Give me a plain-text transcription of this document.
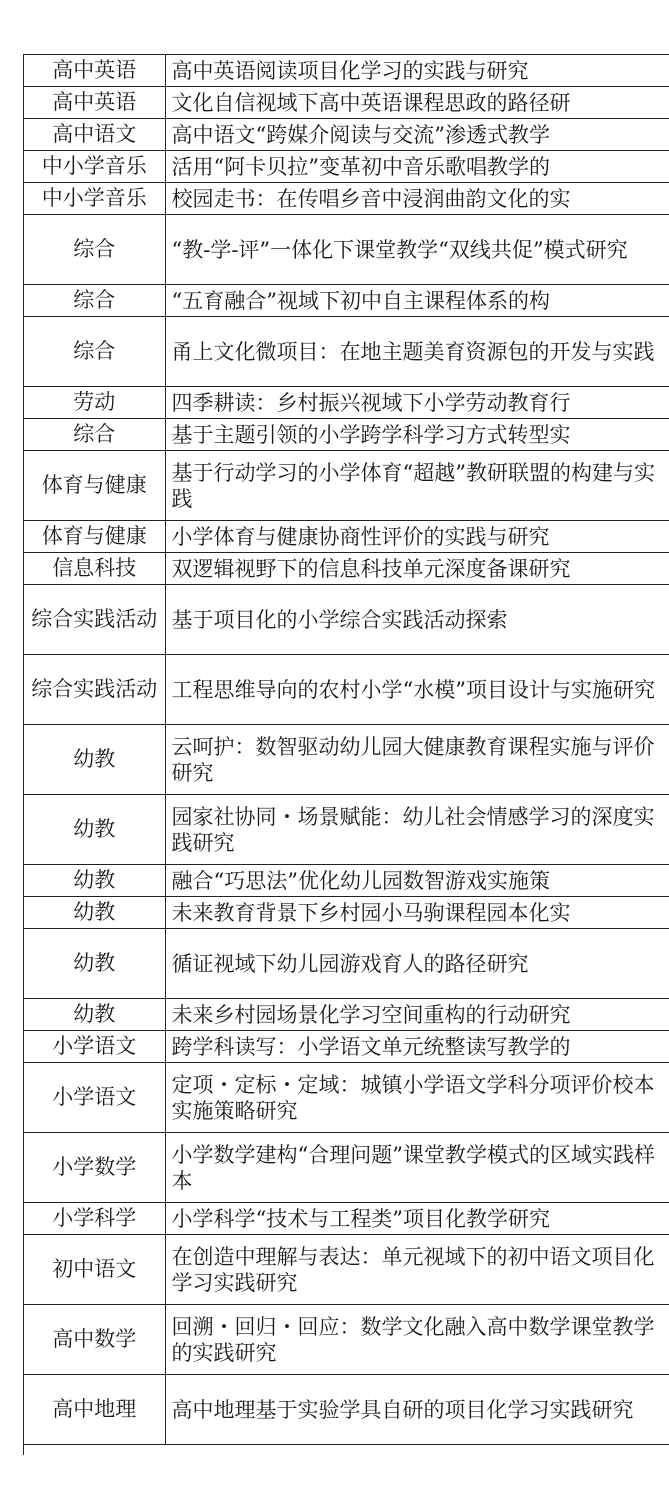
高中英语	高中英语阅读项目化学习的实践与研究
高中英语	文化自信视域下高中英语课程思政的路径研
高中语文	高中语文“跨媒介阅读与交流”渗透式教学
中小学音乐	活用“阿卡贝拉”变革初中音乐歌唱教学的
中小学音乐	校园走书：在传唱乡音中浸润曲韵文化的实
综合	“教-学-评”一体化下课堂教学“双线共促”模式研究
综合	“五育融合”视域下初中自主课程体系的构
综合	甬上文化微项目：在地主题美育资源包的开发与实践
劳动	四季耕读：乡村振兴视域下小学劳动教育行
综合	基于主题引领的小学跨学科学习方式转型实
体育与健康	基于行动学习的小学体育“超越”教研联盟的构建与实践
体育与健康	小学体育与健康协商性评价的实践与研究
信息科技	双逻辑视野下的信息科技单元深度备课研究
综合实践活动	基于项目化的小学综合实践活动探索
综合实践活动	工程思维导向的农村小学“水模”项目设计与实施研究
幼教	云呵护：数智驱动幼儿园大健康教育课程实施与评价研究
幼教	园家社协同・场景赋能：幼儿社会情感学习的深度实践研究
幼教	融合“巧思法”优化幼儿园数智游戏实施策
幼教	未来教育背景下乡村园小马驹课程园本化实
幼教	循证视域下幼儿园游戏育人的路径研究
幼教	未来乡村园场景化学习空间重构的行动研究
小学语文	跨学科读写：小学语文单元统整读写教学的
小学语文	定项・定标・定域：城镇小学语文学科分项评价校本实施策略研究
小学数学	小学数学建构“合理问题”课堂教学模式的区域实践样本
小学科学	小学科学“技术与工程类”项目化教学研究
初中语文	在创造中理解与表达：单元视域下的初中语文项目化学习实践研究
高中数学	回溯・回归・回应：数学文化融入高中数学课堂教学的实践研究
高中地理	高中地理基于实验学具自研的项目化学习实践研究
